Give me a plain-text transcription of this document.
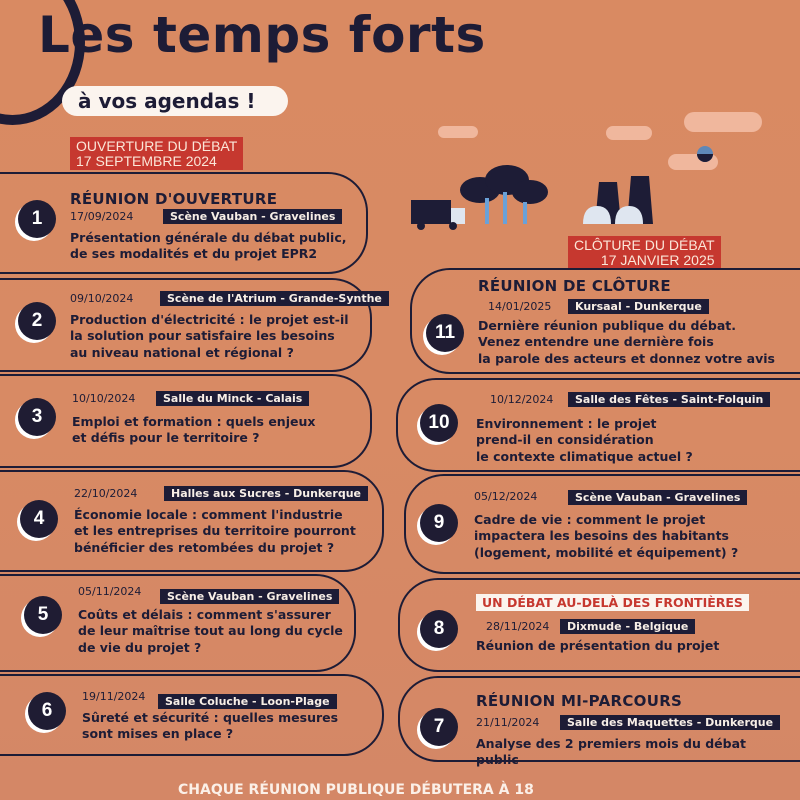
Les temps forts
à vos agendas !
OUVERTURE DU DÉBAT
17 SEPTEMBRE 2024
CLÔTURE DU DÉBAT
17 JANVIER 2025
RÉUNION D'OUVERTURE
1	17/09/2024	Scène Vauban - Gravelines
Présentation générale du débat public,
de ses modalités et du projet EPR2
2
09/10/2024	Scène de l'Atrium - Grande-Synthe
Production d'électricité : le projet est-il
la solution pour satisfaire les besoins
au niveau national et régional ?
3
10/10/2024	Salle du Minck - Calais
Emploi et formation : quels enjeux
et défis pour le territoire ?
4
22/10/2024	Halles aux Sucres - Dunkerque
Économie locale : comment l'industrie
et les entreprises du territoire pourront
bénéficier des retombées du projet ?
5
05/11/2024	Scène Vauban - Gravelines
Coûts et délais : comment s'assurer
de leur maîtrise tout au long du cycle
de vie du projet ?
6
19/11/2024	Salle Coluche - Loon-Plage
Sûreté et sécurité : quelles mesures
sont mises en place ?
RÉUNION DE CLÔTURE
11
14/01/2025	Kursaal - Dunkerque
Dernière réunion publique du débat.
Venez entendre une dernière fois
la parole des acteurs et donnez votre avis
10
10/12/2024	Salle des Fêtes - Saint-Folquin
Environnement : le projet
prend-il en considération
le contexte climatique actuel ?
9
05/12/2024	Scène Vauban - Gravelines
Cadre de vie : comment le projet
impactera les besoins des habitants
(logement, mobilité et équipement) ?
UN DÉBAT AU-DELÀ DES FRONTIÈRES
8	28/11/2024	Dixmude - Belgique
Réunion de présentation du projet
RÉUNION MI-PARCOURS
7	21/11/2024	Salle des Maquettes - Dunkerque
Analyse des 2 premiers mois du débat public
CHAQUE RÉUNION PUBLIQUE DÉBUTERA À 18
